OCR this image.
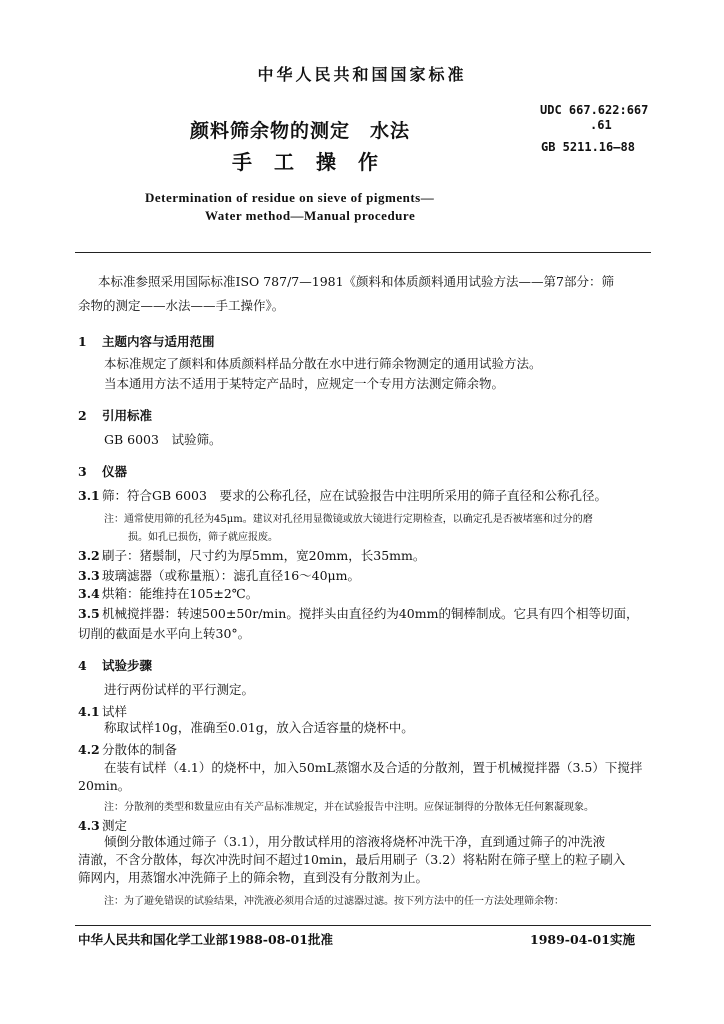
中华人民共和国国家标准
颜料筛余物的测定　水法
手工操作
UDC 667.622:667
.61
GB 5211.16—88
Determination of residue on sieve of pigments—
Water method—Manual procedure
本标准参照采用国际标准ISO 787/7—1981《颜料和体质颜料通用试验方法——第7部分：筛
余物的测定——水法——手工操作》。
1 主题内容与适用范围
本标准规定了颜料和体质颜料样品分散在水中进行筛余物测定的通用试验方法。
当本通用方法不适用于某特定产品时，应规定一个专用方法测定筛余物。
2 引用标准
GB 6003　试验筛。
3 仪器
3.1 筛：符合GB 6003　要求的公称孔径，应在试验报告中注明所采用的筛子直径和公称孔径。
注：通常使用筛的孔径为45μm。建议对孔径用显微镜或放大镜进行定期检查，以确定孔是否被堵塞和过分的磨
损。如孔已损伤，筛子就应报废。
3.2 刷子：猪鬃制，尺寸约为厚5mm，宽20mm，长35mm。
3.3 玻璃滤器（或称量瓶）：滤孔直径16～40μm。
3.4 烘箱：能维持在105±2℃。
3.5 机械搅拌器：转速500±50r/min。搅拌头由直径约为40mm的铜棒制成。它具有四个相等切面，
切削的截面是水平向上转30°。
4 试验步骤
进行两份试样的平行测定。
4.1 试样
称取试样10g，准确至0.01g，放入合适容量的烧杯中。
4.2 分散体的制备
在装有试样（4.1）的烧杯中，加入50mL蒸馏水及合适的分散剂，置于机械搅拌器（3.5）下搅拌
20min。
注：分散剂的类型和数量应由有关产品标准规定，并在试验报告中注明。应保证制得的分散体无任何絮凝现象。
4.3 测定
倾倒分散体通过筛子（3.1），用分散试样用的溶液将烧杯冲洗干净，直到通过筛子的冲洗液
清澈，不含分散体，每次冲洗时间不超过10min，最后用刷子（3.2）将粘附在筛子壁上的粒子刷入
筛网内，用蒸馏水冲洗筛子上的筛余物，直到没有分散剂为止。
注：为了避免错误的试验结果，冲洗液必须用合适的过滤器过滤。按下列方法中的任一方法处理筛余物：
中华人民共和国化学工业部1988-08-01批准	1989-04-01实施
